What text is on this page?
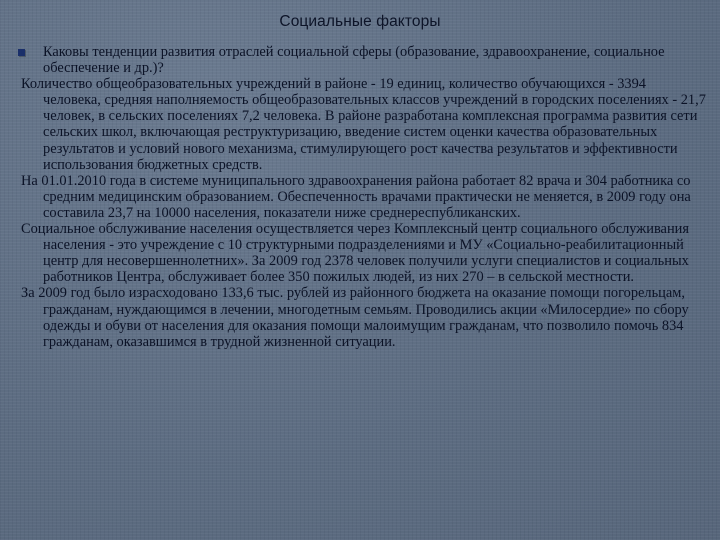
Социальные факторы

Каковы тенденции развития отраслей социальной сферы (образование, здравоохранение, социальное обеспечение и др.)?

Количество общеобразовательных учреждений в районе - 19 единиц, количество обучающихся - 3394 человека, средняя наполняемость общеобразовательных классов учреждений в городских поселениях - 21,7 человек, в сельских поселениях 7,2 человека. В районе разработана комплексная программа развития сети сельских школ, включающая реструктуризацию, введение систем оценки качества образовательных результатов и условий нового механизма, стимулирующего рост качества результатов и эффективности использования бюджетных средств.

На 01.01.2010 года в системе муниципального здравоохранения района работает 82 врача и 304 работника со средним медицинским образованием. Обеспеченность врачами практически не меняется, в 2009 году она составила 23,7 на 10000 населения, показатели ниже среднереспубликанских.

Социальное обслуживание населения осуществляется через Комплексный центр социального обслуживания населения - это учреждение с 10 структурными подразделениями и МУ «Социально-реабилитационный центр для несовершеннолетних». За 2009 год 2378 человек получили услуги специалистов и социальных работников Центра, обслуживает более 350 пожилых людей, из них 270 – в сельской местности.

За 2009 год было израсходовано 133,6 тыс. рублей из районного бюджета на оказание помощи погорельцам, гражданам, нуждающимся в лечении, многодетным семьям. Проводились акции «Милосердие» по сбору одежды и обуви от населения для оказания помощи малоимущим гражданам, что позволило помочь 834 гражданам, оказавшимся в трудной жизненной ситуации.
